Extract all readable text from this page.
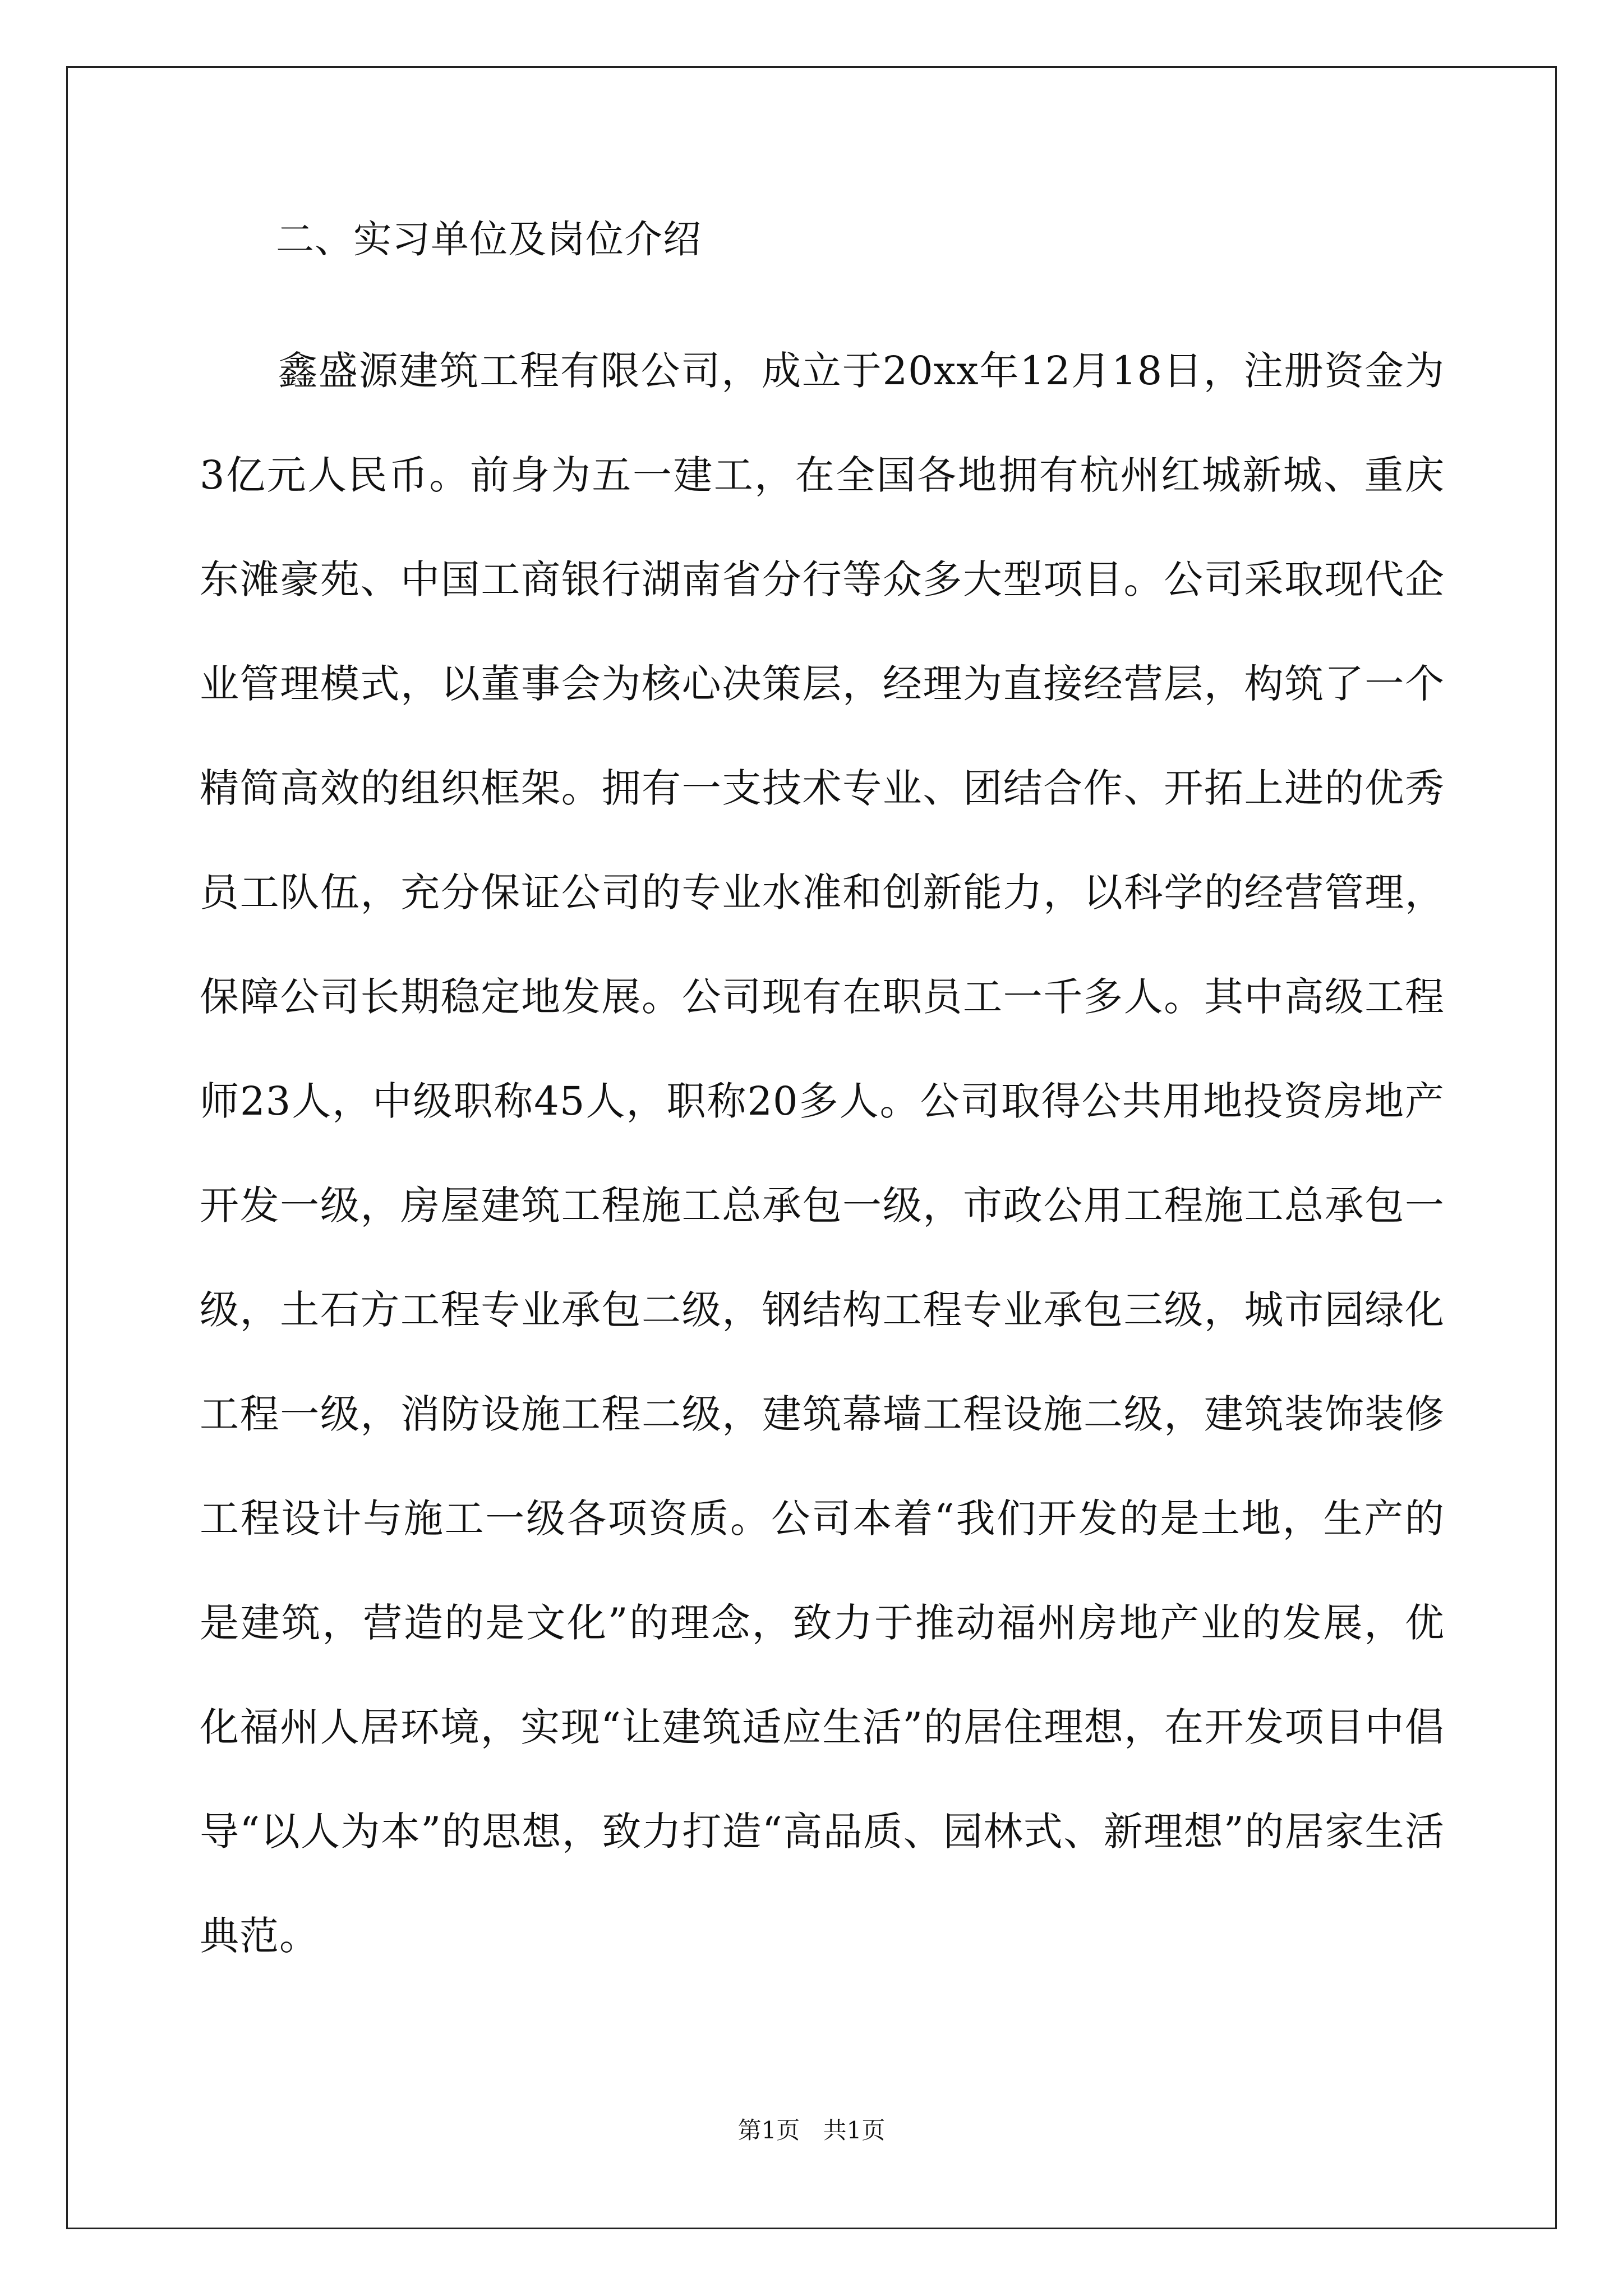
二、实习单位及岗位介绍

鑫盛源建筑工程有限公司，成立于20xx年12月18日，注册资金为3亿元人民币。前身为五一建工，在全国各地拥有杭州红城新城、重庆东滩豪苑、中国工商银行湖南省分行等众多大型项目。公司采取现代企业管理模式，以董事会为核心决策层，经理为直接经营层，构筑了一个精简高效的组织框架。拥有一支技术专业、团结合作、开拓上进的优秀员工队伍，充分保证公司的专业水准和创新能力，以科学的经营管理，保障公司长期稳定地发展。公司现有在职员工一千多人。其中高级工程师23人，中级职称45人，职称20多人。公司取得公共用地投资房地产开发一级，房屋建筑工程施工总承包一级，市政公用工程施工总承包一级，土石方工程专业承包二级，钢结构工程专业承包三级，城市园绿化工程一级，消防设施工程二级，建筑幕墙工程设施二级，建筑装饰装修工程设计与施工一级各项资质。公司本着“我们开发的是土地，生产的是建筑，营造的是文化”的理念，致力于推动福州房地产业的发展，优化福州人居环境，实现“让建筑适应生活”的居住理想，在开发项目中倡导“以人为本”的思想，致力打造“高品质、园林式、新理想”的居家生活典范。

第1页 共1页
